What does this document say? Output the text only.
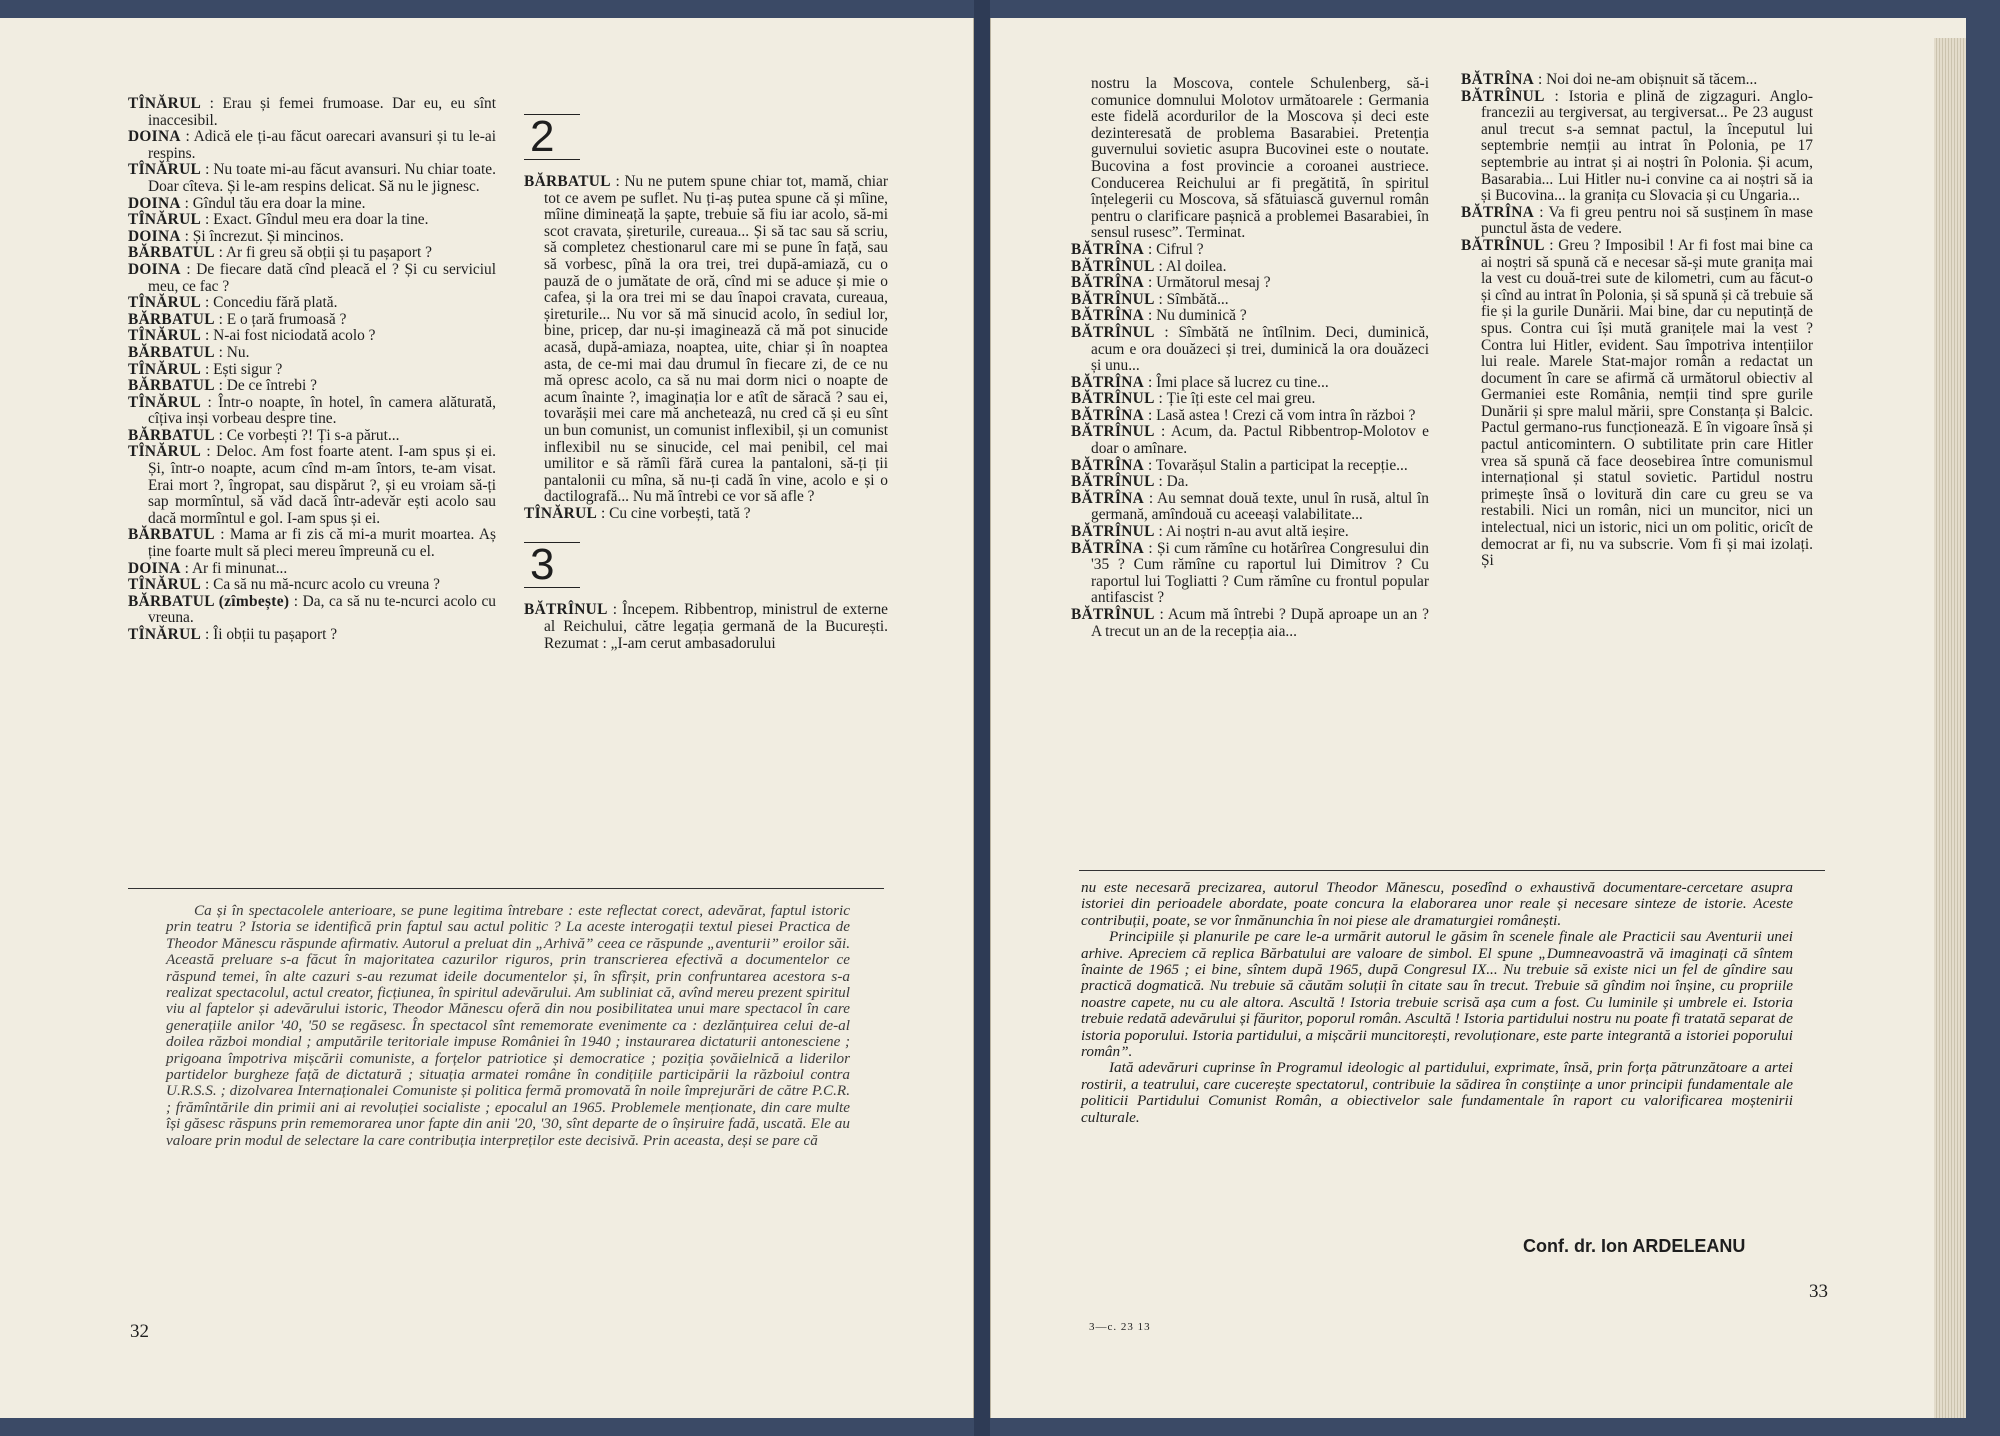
TÎNĂRUL : Erau și femei frumoase. Dar eu, eu sînt inaccesibil.

DOINA : Adică ele ți-au făcut oarecari avansuri și tu le-ai respins.

TÎNĂRUL : Nu toate mi-au făcut avansuri. Nu chiar toate. Doar cîteva. Și le-am respins delicat. Să nu le jignesc.

DOINA : Gîndul tău era doar la mine.

TÎNĂRUL : Exact. Gîndul meu era doar la tine.

DOINA : Și încrezut. Și mincinos.

BĂRBATUL : Ar fi greu să obții și tu pașaport ?

DOINA : De fiecare dată cînd pleacă el ? Și cu serviciul meu, ce fac ?

TÎNĂRUL : Concediu fără plată.

BĂRBATUL : E o țară frumoasă ?

TÎNĂRUL : N-ai fost niciodată acolo ?

BĂRBATUL : Nu.

TÎNĂRUL : Ești sigur ?

BĂRBATUL : De ce întrebi ?

TÎNĂRUL : Într-o noapte, în hotel, în camera alăturată, cîțiva inși vorbeau despre tine.

BĂRBATUL : Ce vorbești ?! Ți s-a părut...

TÎNĂRUL : Deloc. Am fost foarte atent. I-am spus și ei. Și, într-o noapte, acum cînd m-am întors, te-am visat. Erai mort ?, îngropat, sau dispărut ?, și eu vroiam să-ți sap mormîntul, să văd dacă într-adevăr ești acolo sau dacă mormîntul e gol. I-am spus și ei.

BĂRBATUL : Mama ar fi zis că mi-a murit moartea. Aș ține foarte mult să pleci mereu împreună cu el.

DOINA : Ar fi minunat...

TÎNĂRUL : Ca să nu mă-ncurc acolo cu vreuna ?

BĂRBATUL (zîmbește) : Da, ca să nu te-ncurci acolo cu vreuna.

TÎNĂRUL : Îi obții tu pașaport ?

2

BĂRBATUL : Nu ne putem spune chiar tot, mamă, chiar tot ce avem pe suflet. Nu ți-aș putea spune că și mîine, mîine dimineață la șapte, trebuie să fiu iar acolo, să-mi scot cravata, șireturile, cureaua... Și să tac sau să scriu, să completez chestionarul care mi se pune în față, sau să vorbesc, pînă la ora trei, trei după-amiază, cu o pauză de o jumătate de oră, cînd mi se aduce și mie o cafea, și la ora trei mi se dau înapoi cravata, cureaua, șireturile... Nu vor să mă sinucid acolo, în sediul lor, bine, pricep, dar nu-și imaginează că mă pot sinucide acasă, după-amiaza, noaptea, uite, chiar și în noaptea asta, de ce-mi mai dau drumul în fiecare zi, de ce nu mă opresc acolo, ca să nu mai dorm nici o noapte de acum înainte ?, imaginația lor e atît de săracă ? sau ei, tovarășii mei care mă ancheteazâ, nu cred că și eu sînt un bun comunist, un comunist inflexibil, și un comunist inflexibil nu se sinucide, cel mai penibil, cel mai umilitor e să rămîi fără curea la pantaloni, să-ți ții pantalonii cu mîna, să nu-ți cadă în vine, acolo e și o dactilografă... Nu mă întrebi ce vor să afle ?

TÎNĂRUL : Cu cine vorbești, tată ?

3

BĂTRÎNUL : Începem. Ribbentrop, ministrul de externe al Reichului, către legația germană de la București. Rezumat : „I-am cerut ambasadorului

Ca și în spectacolele anterioare, se pune legitima întrebare : este reflectat corect, adevărat, faptul istoric prin teatru ? Istoria se identifică prin faptul sau actul politic ? La aceste interogații textul piesei Practica de Theodor Mănescu răspunde afirmativ. Autorul a preluat din „Arhivă” ceea ce răspunde „aventurii” eroilor săi. Această preluare s-a făcut în majoritatea cazurilor riguros, prin transcrierea efectivă a documentelor ce răspund temei, în alte cazuri s-au rezumat ideile documentelor și, în sfîrșit, prin confruntarea acestora s-a realizat spectacolul, actul creator, ficțiunea, în spiritul adevărului. Am subliniat că, avînd mereu prezent spiritul viu al faptelor și adevărului istoric, Theodor Mănescu oferă din nou posibilitatea unui mare spectacol în care generațiile anilor '40, '50 se regăsesc. În spectacol sînt rememorate evenimente ca : dezlănțuirea celui de-al doilea război mondial ; amputările teritoriale impuse României în 1940 ; instaurarea dictaturii antonesciene ; prigoana împotriva mișcării comuniste, a forțelor patriotice și democratice ; poziția șovăielnică a liderilor partidelor burgheze față de dictatură ; situația armatei române în condițiile participării la războiul contra U.R.S.S. ; dizolvarea Internaționalei Comuniste și politica fermă promovată în noile împrejurări de către P.C.R. ; frămîntările din primii ani ai revoluției socialiste ; epocalul an 1965. Problemele menționate, din care multe își găsesc răspuns prin rememorarea unor fapte din anii '20, '30, sînt departe de o înșiruire fadă, uscată. Ele au valoare prin modul de selectare la care contribuția interpreților este decisivă. Prin aceasta, deși se pare că

32

nostru la Moscova, contele Schulenberg, să-i comunice domnului Molotov următoarele : Germania este fidelă acordurilor de la Moscova și deci este dezinteresată de problema Basarabiei. Pretenția guvernului sovietic asupra Bucovinei este o noutate. Bucovina a fost provincie a coroanei austriece. Conducerea Reichului ar fi pregătită, în spiritul înțelegerii cu Moscova, să sfătuiască guvernul român pentru o clarificare pașnică a problemei Basarabiei, în sensul rusesc”. Terminat.

BĂTRÎNA : Cifrul ?

BĂTRÎNUL : Al doilea.

BĂTRÎNA : Următorul mesaj ?

BĂTRÎNUL : Sîmbătă...

BĂTRÎNA : Nu duminică ?

BĂTRÎNUL : Sîmbătă ne întîlnim. Deci, duminică, acum e ora douăzeci și trei, duminică la ora douăzeci și unu...

BĂTRÎNA : Îmi place să lucrez cu tine...

BĂTRÎNUL : Ție îți este cel mai greu.

BĂTRÎNA : Lasă astea ! Crezi că vom intra în război ?

BĂTRÎNUL : Acum, da. Pactul Ribbentrop-Molotov e doar o amînare.

BĂTRÎNA : Tovarășul Stalin a participat la recepție...

BĂTRÎNUL : Da.

BĂTRÎNA : Au semnat două texte, unul în rusă, altul în germană, amîndouă cu aceeași valabilitate...

BĂTRÎNUL : Ai noștri n-au avut altă ieșire.

BĂTRÎNA : Și cum rămîne cu hotărîrea Congresului din '35 ? Cum rămîne cu raportul lui Dimitrov ? Cu raportul lui Togliatti ? Cum rămîne cu frontul popular antifascist ?

BĂTRÎNUL : Acum mă întrebi ? După aproape un an ? A trecut un an de la recepția aia...

BĂTRÎNA : Noi doi ne-am obișnuit să tăcem...

BĂTRÎNUL : Istoria e plină de zigzaguri. Anglo-francezii au tergiversat, au tergiversat... Pe 23 august anul trecut s-a semnat pactul, la începutul lui septembrie nemții au intrat în Polonia, pe 17 septembrie au intrat și ai noștri în Polonia. Și acum, Basarabia... Lui Hitler nu-i convine ca ai noștri să ia și Bucovina... la granița cu Slovacia și cu Ungaria...

BĂTRÎNA : Va fi greu pentru noi să susținem în mase punctul ăsta de vedere.

BĂTRÎNUL : Greu ? Imposibil ! Ar fi fost mai bine ca ai noștri să spună că e necesar să-și mute granița mai la vest cu două-trei sute de kilometri, cum au făcut-o și cînd au intrat în Polonia, și să spună și că trebuie să fie și la gurile Dunării. Mai bine, dar cu neputință de spus. Contra cui își mută granițele mai la vest ? Contra lui Hitler, evident. Sau împotriva intențiilor lui reale. Marele Stat-major român a redactat un document în care se afirmă că următorul obiectiv al Germaniei este România, nemții tind spre gurile Dunării și spre malul mării, spre Constanța și Balcic. Pactul germano-rus funcționează. E în vigoare însă și pactul anticomintern. O subtilitate prin care Hitler vrea să spună că face deosebirea între comunismul internațional și statul sovietic. Partidul nostru primește însă o lovitură din care cu greu se va restabili. Nici un român, nici un muncitor, nici un intelectual, nici un istoric, nici un om politic, oricît de democrat ar fi, nu va subscrie. Vom fi și mai izolați. Și

nu este necesară precizarea, autorul Theodor Mănescu, posedînd o exhaustivă documentare-cercetare asupra istoriei din perioadele abordate, poate concura la elaborarea unor reale și necesare sinteze de istorie. Aceste contribuții, poate, se vor înmănunchia în noi piese ale dramaturgiei românești.

Principiile și planurile pe care le-a urmărit autorul le găsim în scenele finale ale Practicii sau Aventurii unei arhive. Apreciem că replica Bărbatului are valoare de simbol. El spune „Dumneavoastră vă imaginați că sîntem înainte de 1965 ; ei bine, sîntem după 1965, după Congresul IX... Nu trebuie să existe nici un fel de gîndire sau practică dogmatică. Nu trebuie să căutăm soluții în citate sau în trecut. Trebuie să gîndim noi înșine, cu propriile noastre capete, nu cu ale altora. Ascultă ! Istoria trebuie scrisă așa cum a fost. Cu luminile și umbrele ei. Istoria trebuie redată adevărului și făuritor, poporul român. Ascultă ! Istoria partidului nostru nu poate fi tratată separat de istoria poporului. Istoria partidului, a mișcării muncitorești, revoluționare, este parte integrantă a istoriei poporului român”.

Iată adevăruri cuprinse în Programul ideologic al partidului, exprimate, însă, prin forța pătrunzătoare a artei rostirii, a teatrului, care cucerește spectatorul, contribuie la sădirea în conștiințe a unor principii fundamentale ale politicii Partidului Comunist Român, a obiectivelor sale fundamentale în raport cu valorificarea moștenirii culturale.

Conf. dr. Ion ARDELEANU
33
3—c. 23 13
